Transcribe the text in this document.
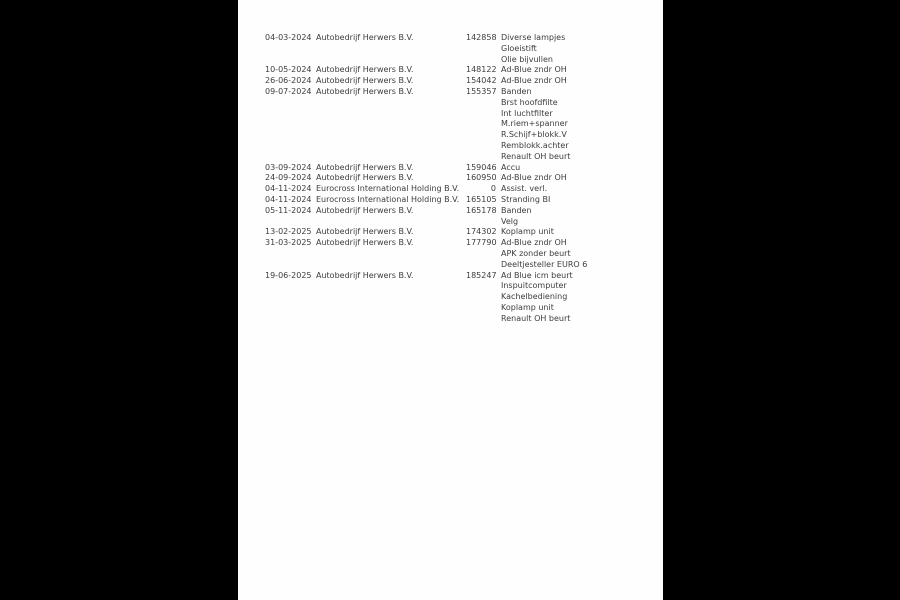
04-03-2024 Autobedrijf Herwers B.V.	142858 Diverse lampjes
Gloeistift
Olie bijvullen
10-05-2024 Autobedrijf Herwers B.V.	148122 Ad-Blue zndr OH
26-06-2024 Autobedrijf Herwers B.V.	154042 Ad-Blue zndr OH
09-07-2024 Autobedrijf Herwers B.V.	155357 Banden
Brst hoofdfilte
Int luchtfilter
M.riem+spanner
R.Schijf+blokk.V
Remblokk.achter
Renault OH beurt
03-09-2024 Autobedrijf Herwers B.V.	159046 Accu
24-09-2024 Autobedrijf Herwers B.V.	160950 Ad-Blue zndr OH
04-11-2024 Eurocross International Holding B.V.	0 Assist. verl.
04-11-2024 Eurocross International Holding B.V. 165105 Stranding BI
05-11-2024 Autobedrijf Herwers B.V.	165178 Banden
Velg
13-02-2025 Autobedrijf Herwers B.V.	174302 Koplamp unit
31-03-2025 Autobedrijf Herwers B.V.	177790 Ad-Blue zndr OH
APK zonder beurt
Deeltjesteller EURO 6
19-06-2025 Autobedrijf Herwers B.V.	185247 Ad Blue icm beurt
Inspuitcomputer
Kachelbediening
Koplamp unit
Renault OH beurt
